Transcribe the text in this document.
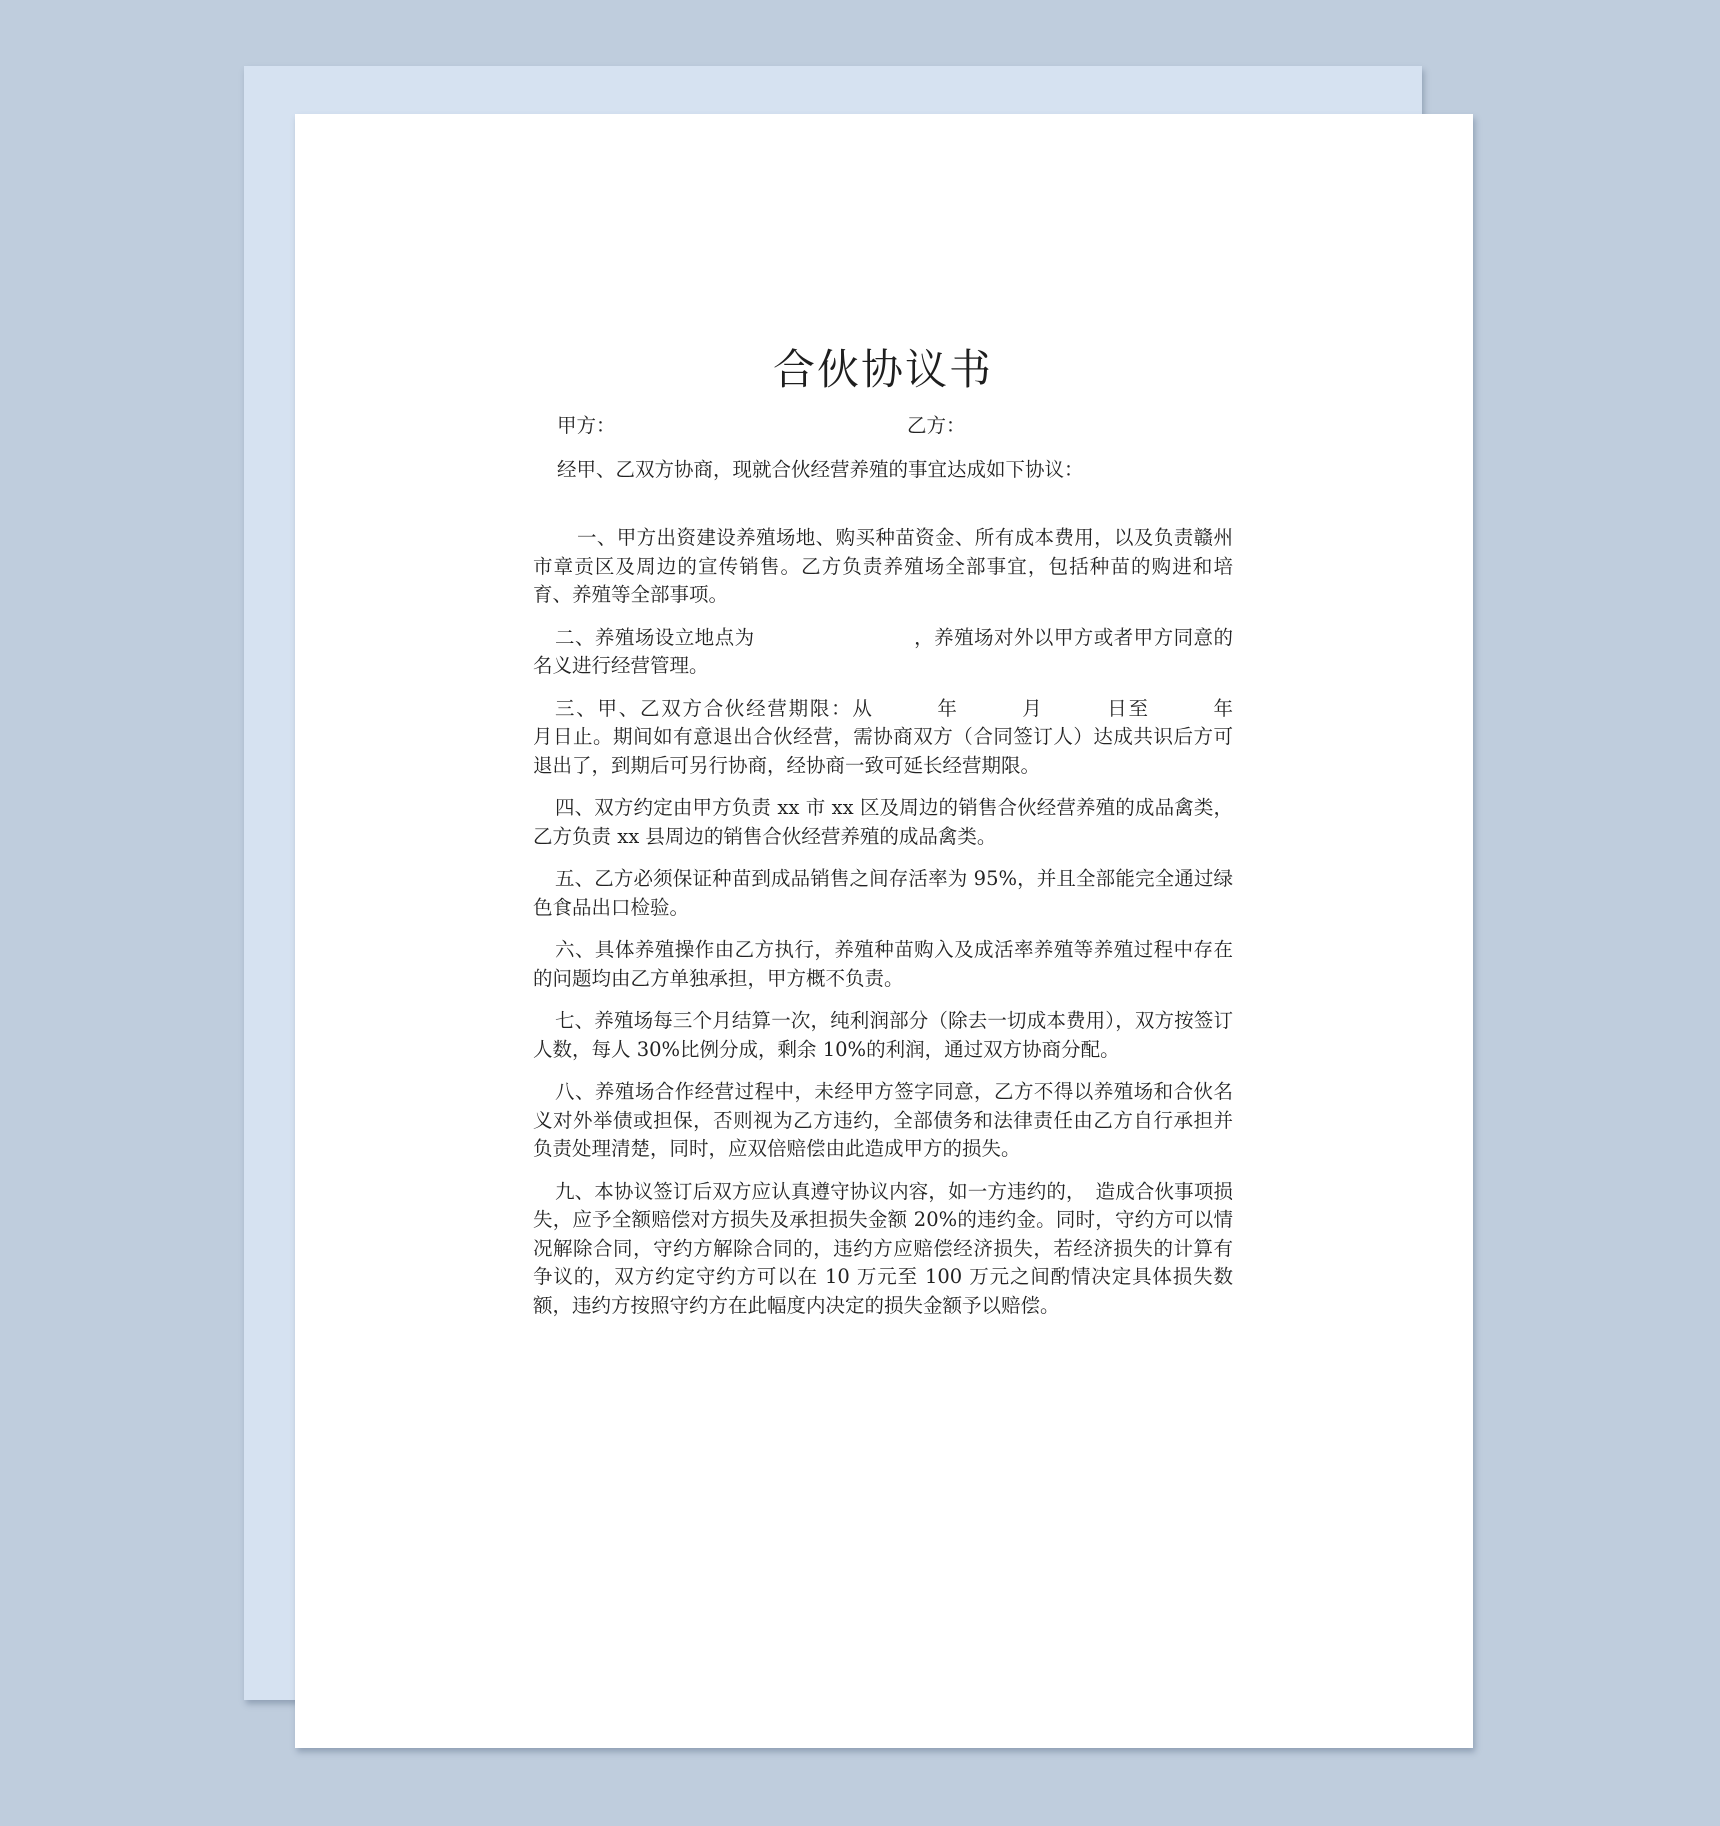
合伙协议书
甲方：	乙方：

经甲、乙双方协商，现就合伙经营养殖的事宜达成如下协议：

一、甲方出资建设养殖场地、购买种苗资金、所有成本费用，以及负责赣州市章贡区及周边的宣传销售。乙方负责养殖场全部事宜，包括种苗的购进和培育、养殖等全部事项。

二、养殖场设立地点为　　　　　　　　，养殖场对外以甲方或者甲方同意的名义进行经营管理。

三、甲、乙双方合伙经营期限：从　　　年　　　月　　　日至　　　年　　　月日止。期间如有意退出合伙经营，需协商双方（合同签订人）达成共识后方可退出了，到期后可另行协商，经协商一致可延长经营期限。

四、双方约定由甲方负责 xx 市 xx 区及周边的销售合伙经营养殖的成品禽类，乙方负责 xx 县周边的销售合伙经营养殖的成品禽类。

五、乙方必须保证种苗到成品销售之间存活率为 95%，并且全部能完全通过绿色食品出口检验。

六、具体养殖操作由乙方执行，养殖种苗购入及成活率养殖等养殖过程中存在的问题均由乙方单独承担，甲方概不负责。

七、养殖场每三个月结算一次，纯利润部分（除去一切成本费用），双方按签订人数，每人 30%比例分成，剩余 10%的利润，通过双方协商分配。

八、养殖场合作经营过程中，未经甲方签字同意，乙方不得以养殖场和合伙名义对外举债或担保，否则视为乙方违约，全部债务和法律责任由乙方自行承担并负责处理清楚，同时，应双倍赔偿由此造成甲方的损失。

九、本协议签订后双方应认真遵守协议内容，如一方违约的，　造成合伙事项损失，应予全额赔偿对方损失及承担损失金额 20%的违约金。同时，守约方可以情况解除合同，守约方解除合同的，违约方应赔偿经济损失，若经济损失的计算有争议的，双方约定守约方可以在 10 万元至 100 万元之间酌情决定具体损失数额，违约方按照守约方在此幅度内决定的损失金额予以赔偿。
